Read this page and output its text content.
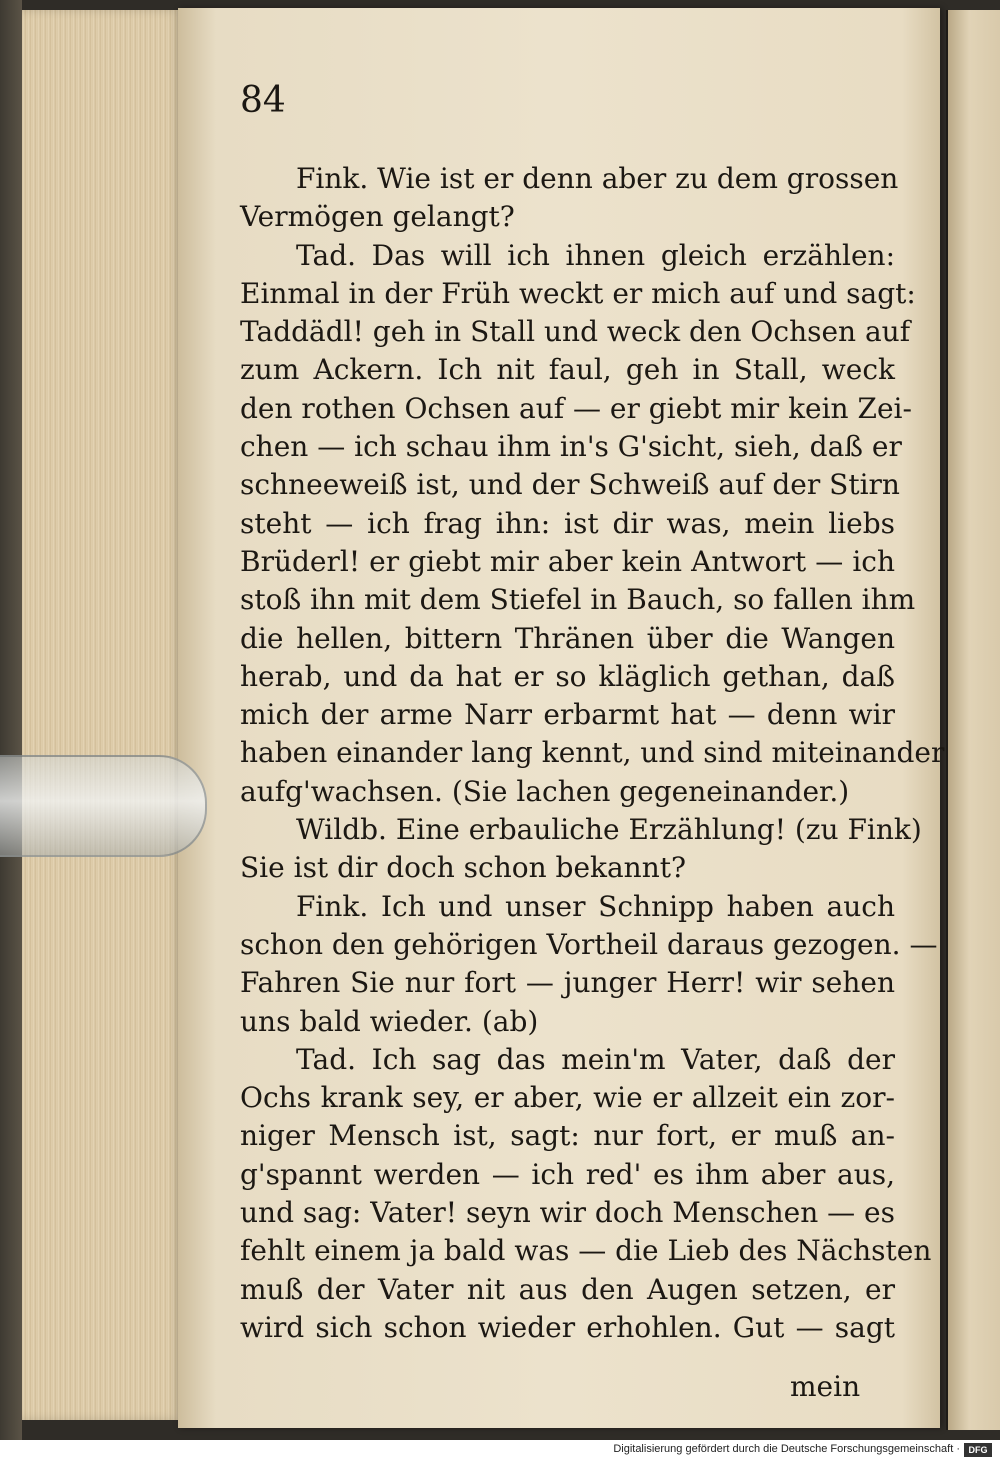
84
Fink. Wie ist er denn aber zu dem grossen
Vermögen gelangt?
Tad. Das will ich ihnen gleich erzählen:
Einmal in der Früh weckt er mich auf und sagt:
Taddädl! geh in Stall und weck den Ochsen auf
zum Ackern. Ich nit faul, geh in Stall, weck
den rothen Ochsen auf — er giebt mir kein Zei-
chen — ich schau ihm in's G'sicht, sieh, daß er
schneeweiß ist, und der Schweiß auf der Stirn
steht — ich frag ihn: ist dir was, mein liebs
Brüderl! er giebt mir aber kein Antwort — ich
stoß ihn mit dem Stiefel in Bauch, so fallen ihm
die hellen, bittern Thränen über die Wangen
herab, und da hat er so kläglich gethan, daß
mich der arme Narr erbarmt hat — denn wir
haben einander lang kennt, und sind miteinander
aufg'wachsen. (Sie lachen gegeneinander.)
Wildb. Eine erbauliche Erzählung! (zu Fink)
Sie ist dir doch schon bekannt?
Fink. Ich und unser Schnipp haben auch
schon den gehörigen Vortheil daraus gezogen. —
Fahren Sie nur fort — junger Herr! wir sehen
uns bald wieder. (ab)
Tad. Ich sag das mein'm Vater, daß der
Ochs krank sey, er aber, wie er allzeit ein zor-
niger Mensch ist, sagt: nur fort, er muß an-
g'spannt werden — ich red' es ihm aber aus,
und sag: Vater! seyn wir doch Menschen — es
fehlt einem ja bald was — die Lieb des Nächsten
muß der Vater nit aus den Augen setzen, er
wird sich schon wieder erhohlen. Gut — sagt
mein
Digitalisierung gefördert durch die Deutsche Forschungsgemeinschaft · DFG
